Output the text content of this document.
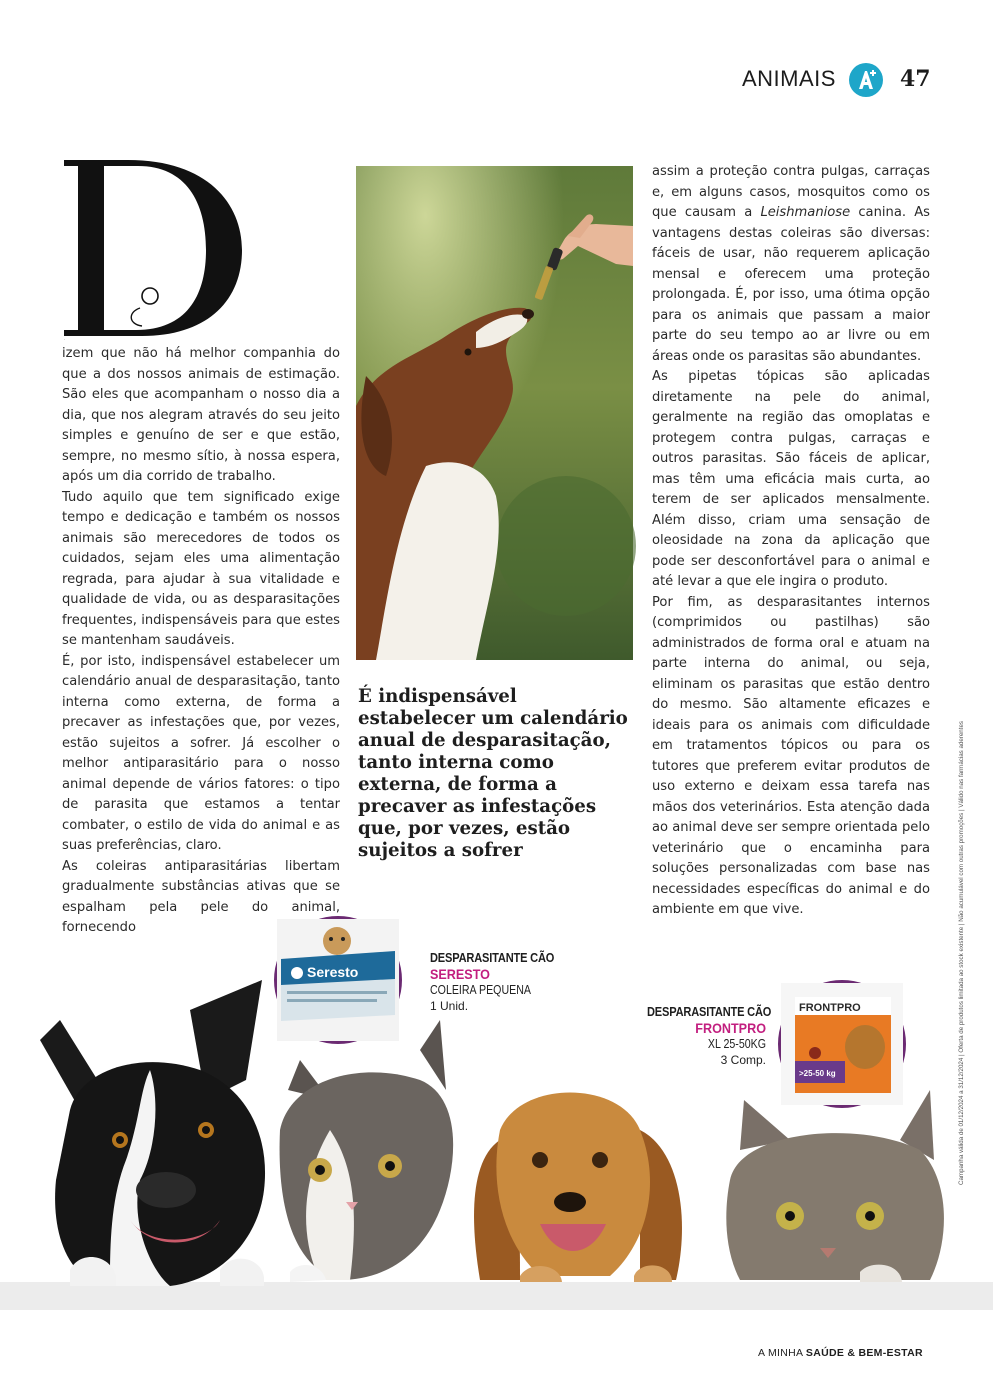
ANIMAIS	47
D

izem que não há melhor companhia do que a dos nossos animais de estimação. São eles que acompanham o nosso dia a dia, que nos alegram através do seu jeito simples e genuíno de ser e que estão, sempre, no mesmo sítio, à nossa espera, após um dia corrido de trabalho.

Tudo aquilo que tem significado exige tempo e dedicação e também os nossos animais são merecedores de todos os cuidados, sejam eles uma alimentação regrada, para ajudar à sua vitalidade e qualidade de vida, ou as desparasitações frequentes, indispensáveis para que estes se mantenham saudáveis.

É, por isto, indispensável estabelecer um calendário anual de desparasitação, tanto interna como externa, de forma a precaver as infestações que, por vezes, estão sujeitos a sofrer. Já escolher o melhor antiparasitário para o nosso animal depende de vários fatores: o tipo de parasita que estamos a tentar combater, o estilo de vida do animal e as suas preferências, claro.

As coleiras antiparasitárias libertam gradualmente substâncias ativas que se espalham pela pele do animal, fornecendo

É indispensável estabelecer um calendário anual de desparasitação, tanto interna como externa, de forma a precaver as infestações que, por vezes, estão sujeitos a sofrer

assim a proteção contra pulgas, carraças e, em alguns casos, mosquitos como os que causam a Leishmaniose canina. As vantagens destas coleiras são diversas: fáceis de usar, não requerem aplicação mensal e oferecem uma proteção prolongada. É, por isso, uma ótima opção para os animais que passam a maior parte do seu tempo ao ar livre ou em áreas onde os parasitas são abundantes.

As pipetas tópicas são aplicadas diretamente na pele do animal, geralmente na região das omoplatas e protegem contra pulgas, carraças e outros parasitas. São fáceis de aplicar, mas têm uma eficácia mais curta, ao terem de ser aplicados mensalmente. Além disso, criam uma sensação de oleosidade na zona da aplicação que pode ser desconfortável para o animal e até levar a que ele ingira o produto.

Por fim, as desparasitantes internos (comprimidos ou pastilhas) são administrados de forma oral e atuam na parte interna do animal, ou seja, eliminam os parasitas que estão dentro do mesmo. São altamente eficazes e ideais para os animais com dificuldade em tratamentos tópicos ou para os tutores que preferem evitar produtos de uso externo e deixam essa tarefa nas mãos dos veterinários. Esta atenção dada ao animal deve ser sempre orientada pelo veterinário que o encaminha para soluções personalizadas com base nas necessidades específicas do animal e do ambiente em que vive.	Campanha válida de 01/12/2024 a 31/12/2024 | Oferta de produtos limitada ao stock existente | Não acumulável com outras promoções | Válido nas farmácias aderentes
Seresto
DESPARASITANTE CÃO
SERESTO
COLEIRA PEQUENA
1 Unid.	FRONTPRO
>25-50 kg
DESPARASITANTE CÃO
FRONTPRO
XL 25-50KG
3 Comp.
A MINHA SAÚDE & BEM-ESTAR
